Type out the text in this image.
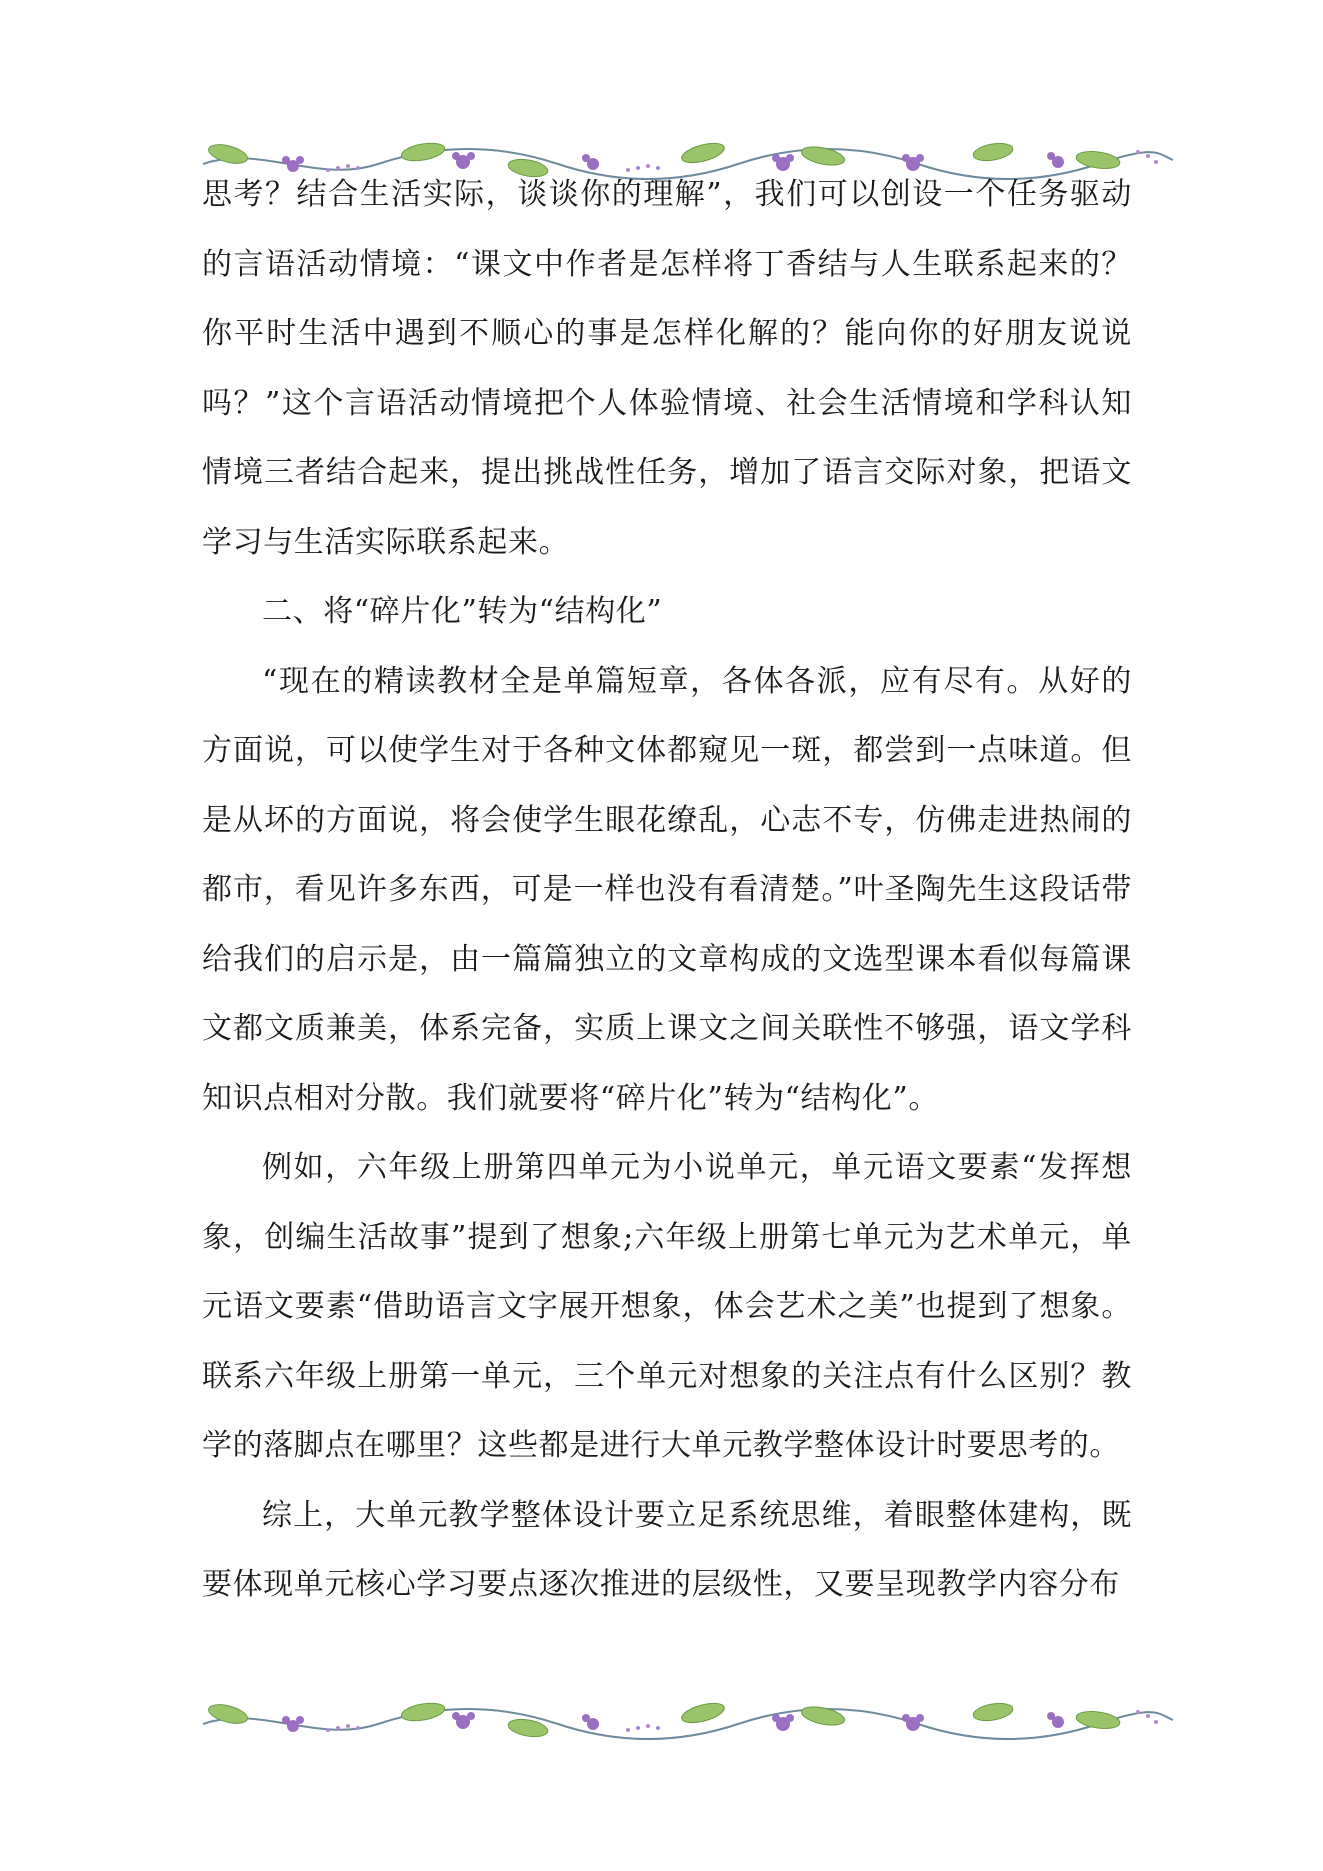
思考？结合生活实际，谈谈你的理解”，我们可以创设一个任务驱动的言语活动情境：“课文中作者是怎样将丁香结与人生联系起来的？你平时生活中遇到不顺心的事是怎样化解的？能向你的好朋友说说吗？”这个言语活动情境把个人体验情境、社会生活情境和学科认知情境三者结合起来，提出挑战性任务，增加了语言交际对象，把语文学习与生活实际联系起来。

二、将“碎片化”转为“结构化”

“现在的精读教材全是单篇短章，各体各派，应有尽有。从好的方面说，可以使学生对于各种文体都窥见一斑，都尝到一点味道。但是从坏的方面说，将会使学生眼花缭乱，心志不专，仿佛走进热闹的都市，看见许多东西，可是一样也没有看清楚。”叶圣陶先生这段话带给我们的启示是，由一篇篇独立的文章构成的文选型课本看似每篇课文都文质兼美，体系完备，实质上课文之间关联性不够强，语文学科知识点相对分散。我们就要将“碎片化”转为“结构化”。

例如，六年级上册第四单元为小说单元，单元语文要素“发挥想象，创编生活故事”提到了想象;六年级上册第七单元为艺术单元，单元语文要素“借助语言文字展开想象，体会艺术之美”也提到了想象。联系六年级上册第一单元，三个单元对想象的关注点有什么区别？教学的落脚点在哪里？这些都是进行大单元教学整体设计时要思考的。

综上，大单元教学整体设计要立足系统思维，着眼整体建构，既要体现单元核心学习要点逐次推进的层级性，又要呈现教学内容分布
